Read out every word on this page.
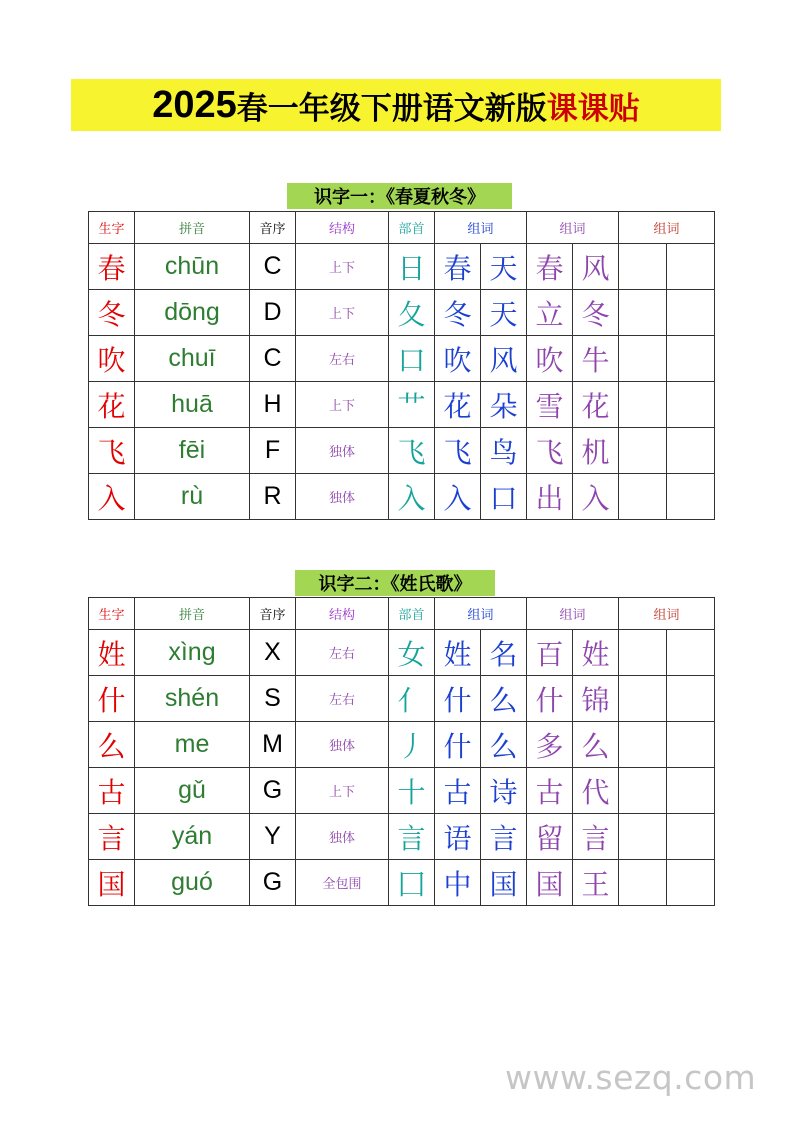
2025 春一年级下册语文新版 课课贴
识字一：《春夏秋冬》
生字	拼音	音序	结构	部首	组词		组词		组词	
春	chūn	C	上下	日	春	天	春	风		
冬	dōng	D	上下	夂	冬	天	立	冬		
吹	chuī	C	左右	口	吹	风	吹	牛		
花	huā	H	上下	艹	花	朵	雪	花		
飞	fēi	F	独体	飞	飞	鸟	飞	机		
入	rù	R	独体	入	入	口	出	入		
识字二：《姓氏歌》
生字	拼音	音序	结构	部首	组词		组词		组词	
姓	xìng	X	左右	女	姓	名	百	姓		
什	shén	S	左右	亻	什	么	什	锦		
么	me	M	独体	丿	什	么	多	么		
古	gǔ	G	上下	十	古	诗	古	代		
言	yán	Y	独体	言	语	言	留	言		
国	guó	G	全包围	囗	中	国	国	王		
www.sezq.com
